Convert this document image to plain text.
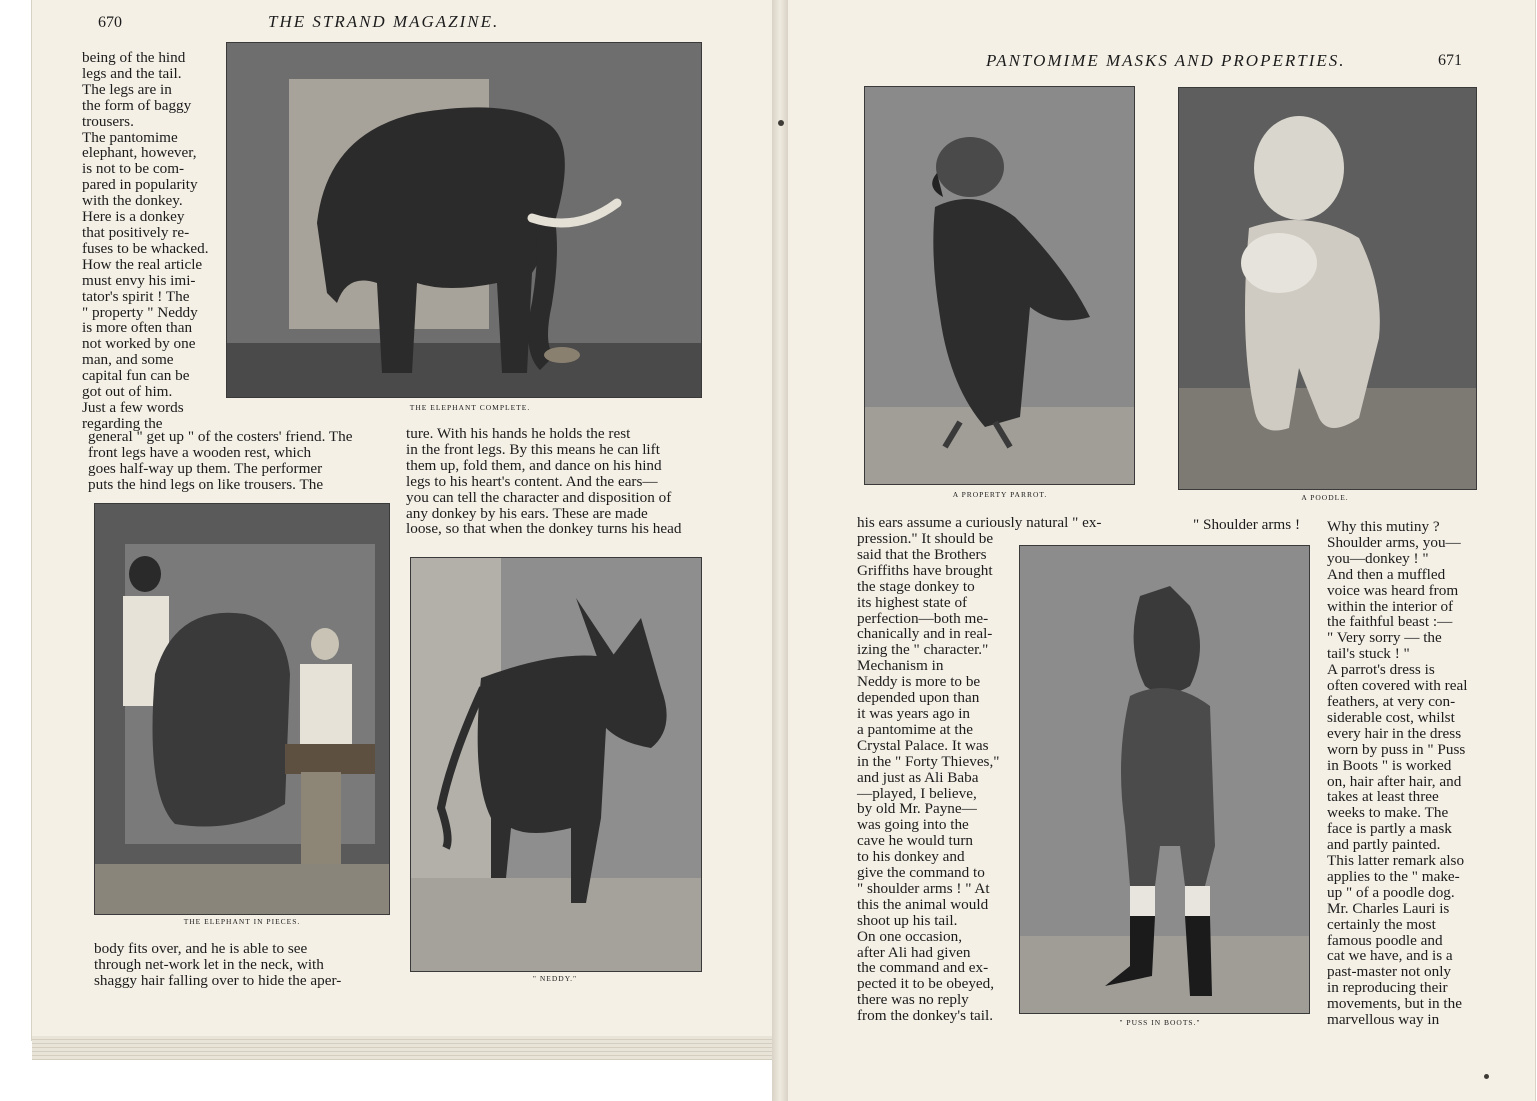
670	THE STRAND MAGAZINE.
being of the hind
legs and the tail.
The legs are in
the form of baggy
trousers.
The pantomime
elephant, however,
is not to be com-
pared in popularity
with the donkey.
Here is a donkey
that positively re-
fuses to be whacked.
How the real article
must envy his imi-
tator's spirit ! The
" property " Neddy
is more often than
not worked by one
man, and some
capital fun can be
got out of him.
Just a few words
regarding the
THE ELEPHANT COMPLETE.
general " get up " of the costers' friend. The
front legs have a wooden rest, which
goes half-way up them. The performer
puts the hind legs on like trousers. The
ture. With his hands he holds the rest
in the front legs. By this means he can lift
them up, fold them, and dance on his hind
legs to his heart's content. And the ears—
you can tell the character and disposition of
any donkey by his ears. These are made
loose, so that when the donkey turns his head
THE ELEPHANT IN PIECES.
body fits over, and he is able to see
through net-work let in the neck, with
shaggy hair falling over to hide the aper-	" NEDDY."
PANTOMIME MASKS AND PROPERTIES.	671
A PROPERTY PARROT.	A POODLE.
his ears assume a curiously natural " ex-
pression." It should be
said that the Brothers
Griffiths have brought
the stage donkey to
its highest state of
perfection—both me-
chanically and in real-
izing the " character."
Mechanism in
Neddy is more to be
depended upon than
it was years ago in
a pantomime at the
Crystal Palace. It was
in the " Forty Thieves,"
and just as Ali Baba
—played, I believe,
by old Mr. Payne—
was going into the
cave he would turn
to his donkey and
give the command to
" shoulder arms ! " At
this the animal would
shoot up his tail.
On one occasion,
after Ali had given
the command and ex-
pected it to be obeyed,
there was no reply
from the donkey's tail.
" Shoulder arms !
" PUSS IN BOOTS."
Why this mutiny ?
Shoulder arms, you—
you—donkey ! "
And then a muffled
voice was heard from
within the interior of
the faithful beast :—
" Very sorry — the
tail's stuck ! "
A parrot's dress is
often covered with real
feathers, at very con-
siderable cost, whilst
every hair in the dress
worn by puss in " Puss
in Boots " is worked
on, hair after hair, and
takes at least three
weeks to make. The
face is partly a mask
and partly painted.
This latter remark also
applies to the " make-
up " of a poodle dog.
Mr. Charles Lauri is
certainly the most
famous poodle and
cat we have, and is a
past-master not only
in reproducing their
movements, but in the
marvellous way in
